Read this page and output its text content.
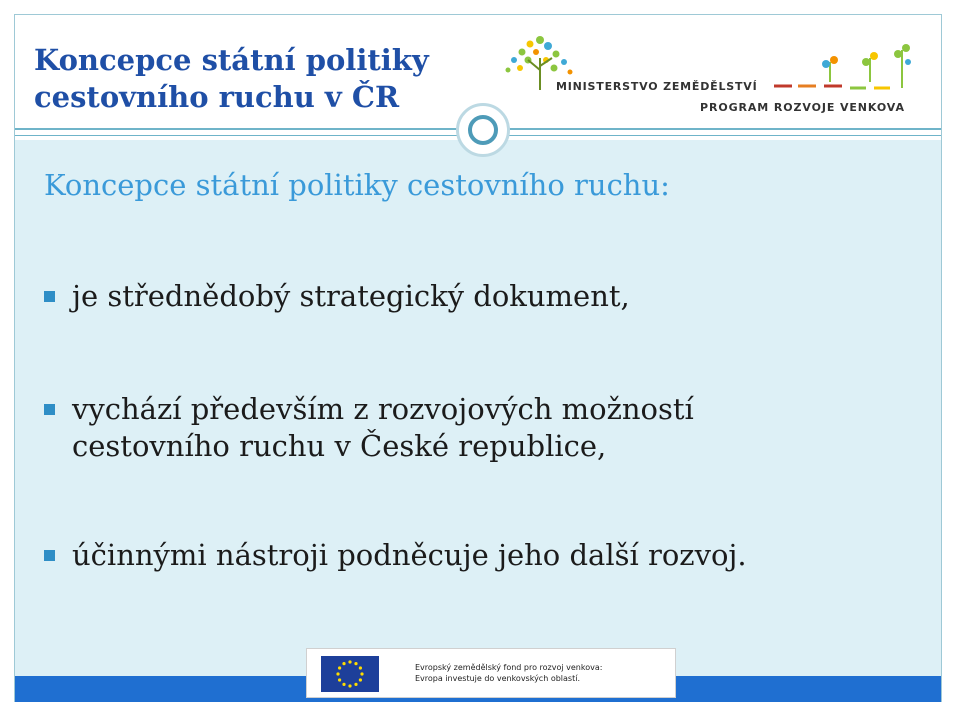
Koncepce státní politiky
cestovního ruchu v ČR	MINISTERSTVO ZEMĚDĚLSTVÍ
PROGRAM ROZVOJE VENKOVA
Koncepce státní politiky cestovního ruchu:
je střednědobý strategický dokument,
vychází především z rozvojových možností
cestovního ruchu v České republice,
účinnými nástroji podněcuje jeho další rozvoj.
Evropský zemědělský fond pro rozvoj venkova:
Evropa investuje do venkovských oblastí.
